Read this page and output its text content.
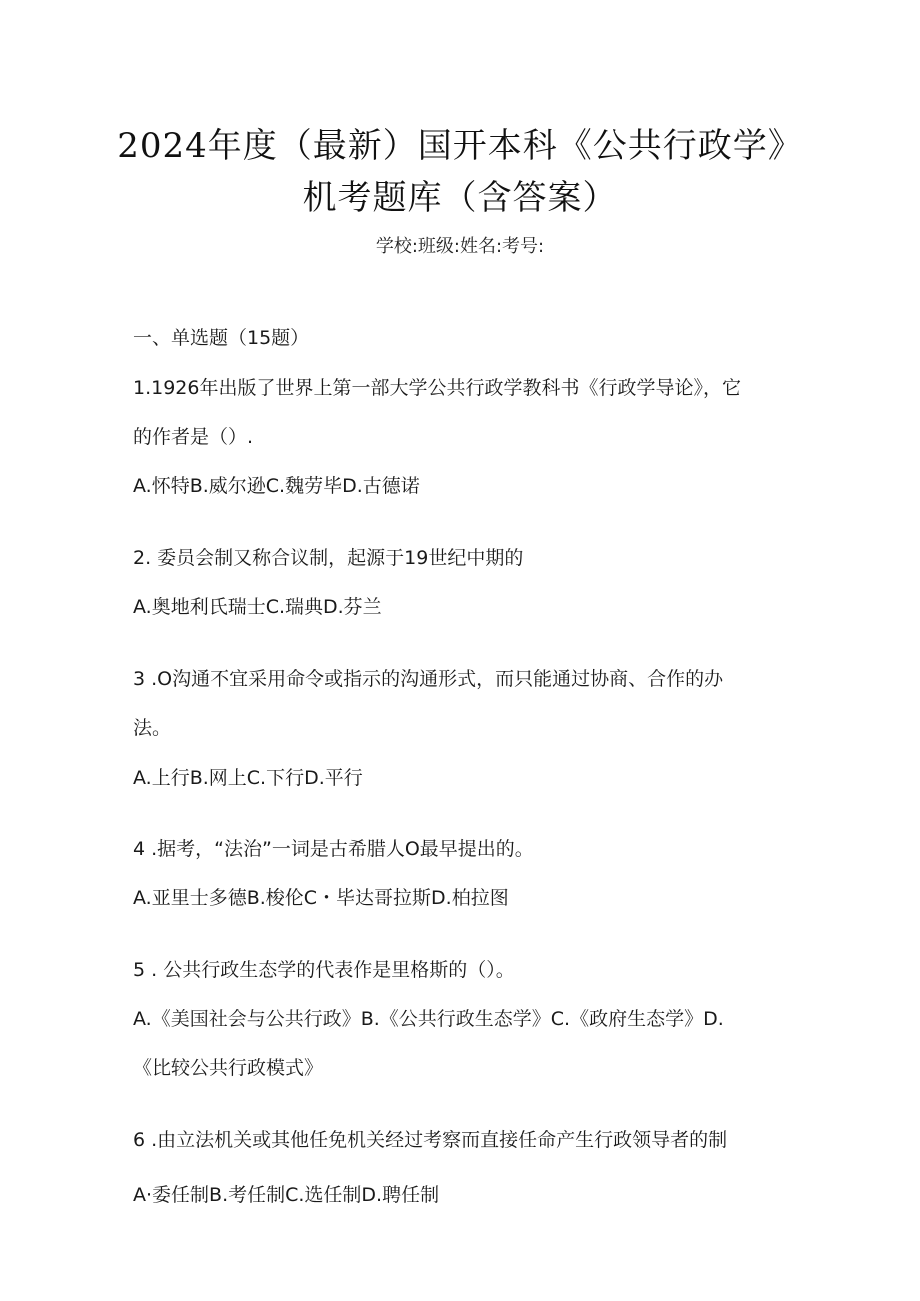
2024年度（最新）国开本科《公共行政学》
机考题库（含答案）
学校:班级:姓名:考号:
一、单选题（15题）
1.1926年出版了世界上第一部大学公共行政学教科书《行政学导论》，它
的作者是（）.
A.怀特B.威尔逊C.魏劳毕D.古德诺
2. 委员会制又称合议制，起源于19世纪中期的
A.奥地利氏瑞士C.瑞典D.芬兰
3 .O沟通不宜采用命令或指示的沟通形式，而只能通过协商、合作的办
法。
A.上行B.网上C.下行D.平行
4 .据考，“法治”一词是古希腊人O最早提出的。
A.亚里士多德B.梭伦C・毕达哥拉斯D.柏拉图
5 . 公共行政生态学的代表作是里格斯的（）。
A.《美国社会与公共行政》B.《公共行政生态学》C.《政府生态学》D.
《比较公共行政模式》
6 .由立法机关或其他任免机关经过考察而直接任命产生行政领导者的制
A·委任制B.考任制C.选任制D.聘任制
